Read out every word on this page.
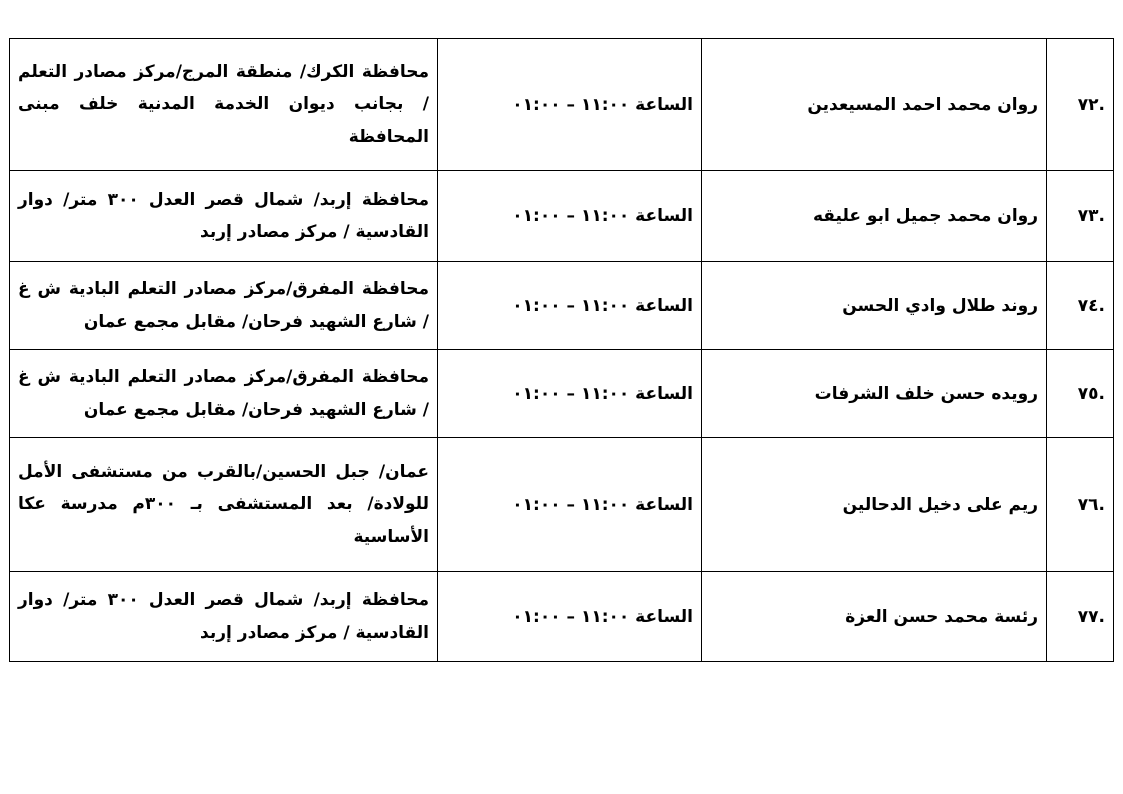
.٧٢	روان محمد احمد المسيعدين	الساعة ١١:٠٠ – ٠١:٠٠	محافظة الكرك/ منطقة المرج/مركز مصادر التعلم / بجانب ديوان الخدمة المدنية خلف مبنى المحافظة
.٧٣	روان محمد جميل ابو عليقه	الساعة ١١:٠٠ – ٠١:٠٠	محافظة إربد/ شمال قصر العدل ٣٠٠ متر/ دوار القادسية / مركز مصادر إربد
.٧٤	روند طلال وادي الحسن	الساعة ١١:٠٠ – ٠١:٠٠	محافظة المفرق/مركز مصادر التعلم البادية ش غ / شارع الشهيد فرحان/ مقابل مجمع عمان
.٧٥	رويده حسن خلف الشرفات	الساعة ١١:٠٠ – ٠١:٠٠	محافظة المفرق/مركز مصادر التعلم البادية ش غ / شارع الشهيد فرحان/ مقابل مجمع عمان
.٧٦	ريم على دخيل الدحالين	الساعة ١١:٠٠ – ٠١:٠٠	عمان/ جبل الحسين/بالقرب من مستشفى الأمل للولادة/ بعد المستشفى بـ ٣٠٠م مدرسة عكا الأساسية
.٧٧	رئسة محمد حسن العزة	الساعة ١١:٠٠ – ٠١:٠٠	محافظة إربد/ شمال قصر العدل ٣٠٠ متر/ دوار القادسية / مركز مصادر إربد
